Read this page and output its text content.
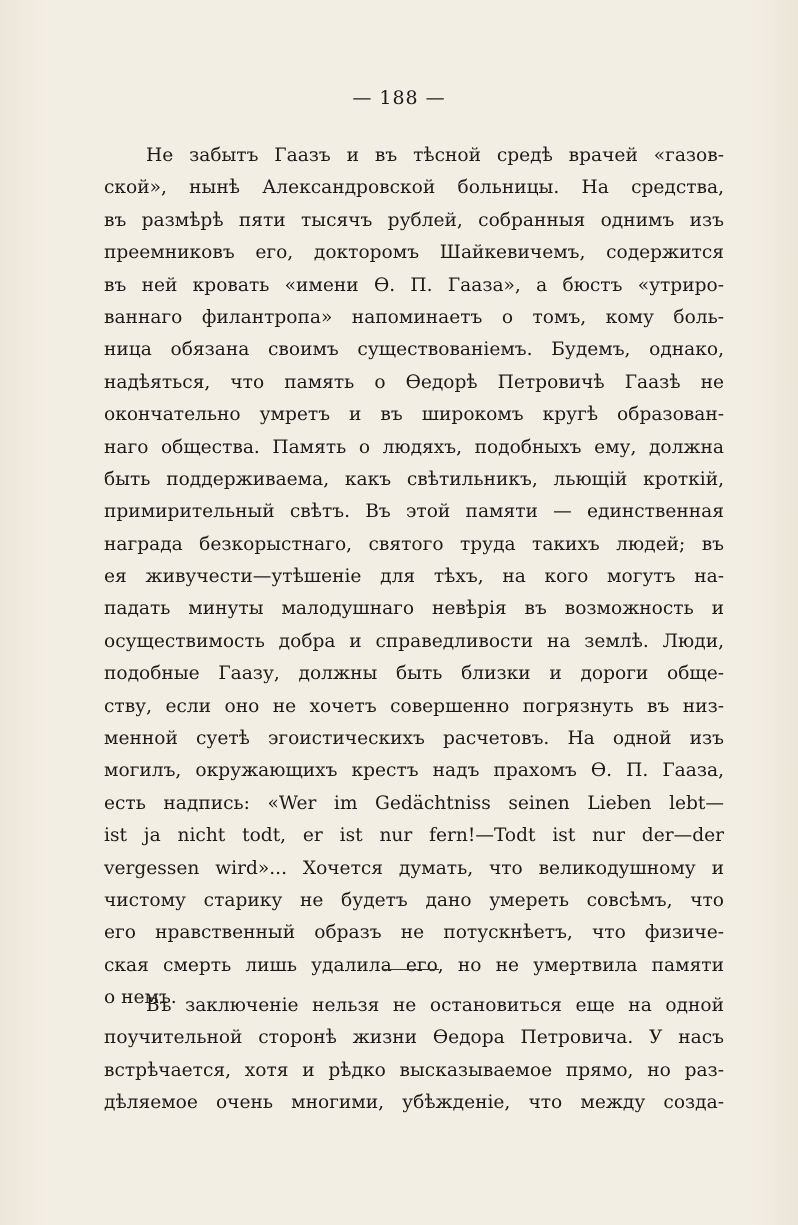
— 188 —
Не забытъ Гаазъ и въ тѣсной средѣ врачей «газов-
ской», нынѣ Александровской больницы. На средства,
въ размѣрѣ пяти тысячъ рублей, собранныя однимъ изъ
преемниковъ его, докторомъ Шайкевичемъ, содержится
въ ней кровать «имени Ѳ. П. Гааза», а бюстъ «утриро-
ваннаго филантропа» напоминаетъ о томъ, кому боль-
ница обязана своимъ существованіемъ. Будемъ, однако,
надѣяться, что память о Ѳедорѣ Петровичѣ Гаазѣ не
окончательно умретъ и въ широкомъ кругѣ образован-
наго общества. Память о людяхъ, подобныхъ ему, должна
быть поддерживаема, какъ свѣтильникъ, льющій кроткій,
примирительный свѣтъ. Въ этой памяти — единственная
награда безкорыстнаго, святого труда такихъ людей; въ
ея живучести—утѣшеніе для тѣхъ, на кого могутъ на-
падать минуты малодушнаго невѣрія въ возможность и
осуществимость добра и справедливости на землѣ. Люди,
подобные Гаазу, должны быть близки и дороги обще-
ству, если оно не хочетъ совершенно погрязнуть въ низ-
менной суетѣ эгоистическихъ расчетовъ. На одной изъ
могилъ, окружающихъ крестъ надъ прахомъ Ѳ. П. Гааза,
есть надпись: «Wer im Gedächtniss seinen Lieben lebt—
ist ja nicht todt, er ist nur fern!—Todt ist nur der—der
vergessen wird»... Хочется думать, что великодушному и
чистому старику не будетъ дано умереть совсѣмъ, что
его нравственный образъ не потускнѣетъ, что физиче-
ская смерть лишь удалила его, но не умертвила памяти
о немъ.
Въ заключеніе нельзя не остановиться еще на одной
поучительной сторонѣ жизни Ѳедора Петровича. У насъ
встрѣчается, хотя и рѣдко высказываемое прямо, но раз-
дѣляемое очень многими, убѣжденіе, что между созда-
